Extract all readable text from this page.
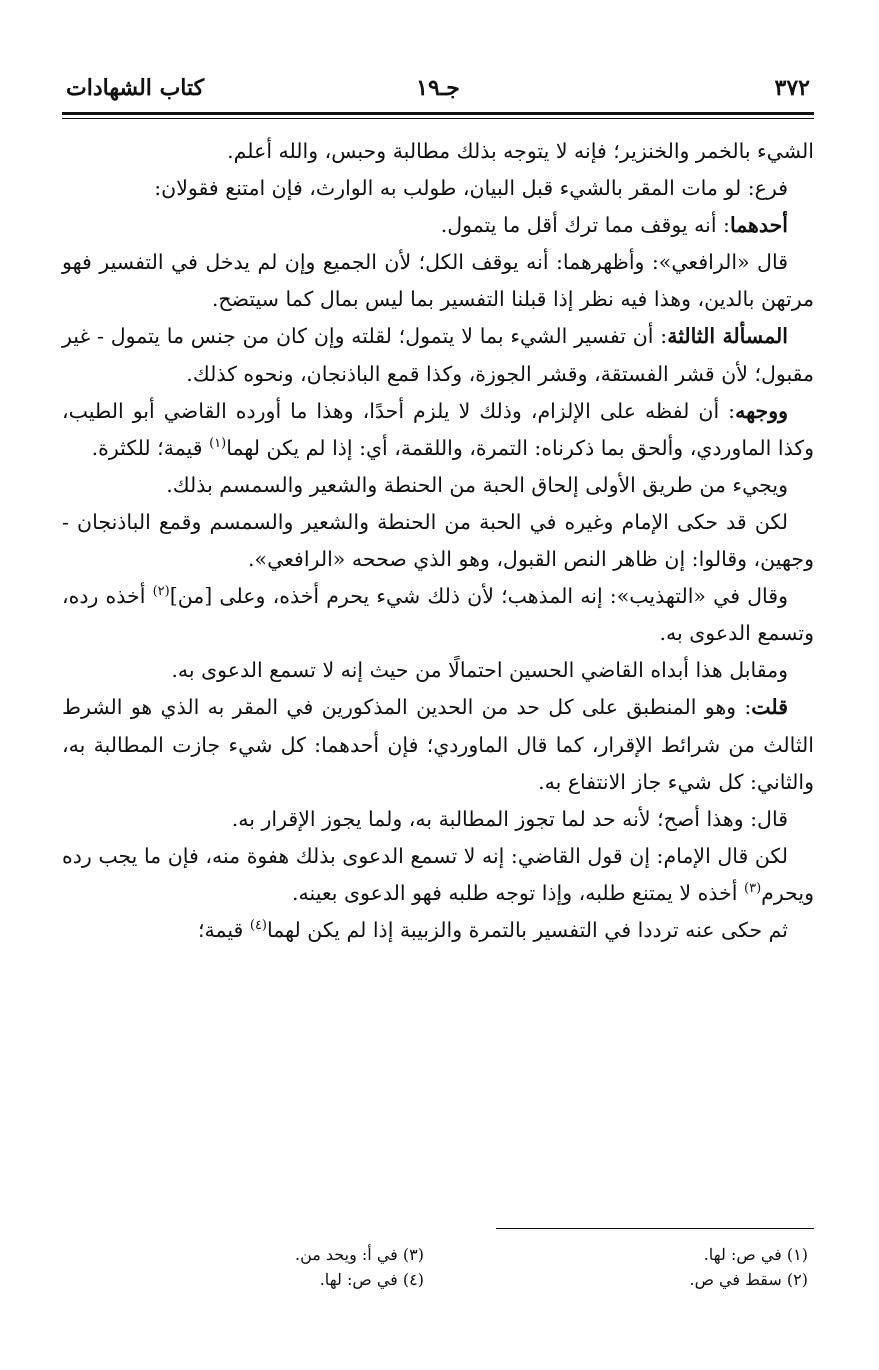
٣٧٢
جـ١٩
كتاب الشهادات

الشيء بالخمر والخنزير؛ فإنه لا يتوجه بذلك مطالبة وحبس، والله أعلم.

فرع: لو مات المقر بالشيء قبل البيان، طولب به الوارث، فإن امتنع فقولان:

أحدهما: أنه يوقف مما ترك أقل ما يتمول.

قال «الرافعي»: وأظهرهما: أنه يوقف الكل؛ لأن الجميع وإن لم يدخل في التفسير فهو مرتهن بالدين، وهذا فيه نظر إذا قبلنا التفسير بما ليس بمال كما سيتضح.

المسألة الثالثة: أن تفسير الشيء بما لا يتمول؛ لقلته وإن كان من جنس ما يتمول - غير مقبول؛ لأن قشر الفستقة، وقشر الجوزة، وكذا قمع الباذنجان، ونحوه كذلك.

ووجهه: أن لفظه على الإلزام، وذلك لا يلزم أحدًا، وهذا ما أورده القاضي أبو الطيب، وكذا الماوردي، وألحق بما ذكرناه: التمرة، واللقمة، أي: إذا لم يكن لهما$^{(١)}$ قيمة؛ للكثرة.

ويجيء من طريق الأولى إلحاق الحبة من الحنطة والشعير والسمسم بذلك.

لكن قد حكى الإمام وغيره في الحبة من الحنطة والشعير والسمسم وقمع الباذنجان - وجهين، وقالوا: إن ظاهر النص القبول، وهو الذي صححه «الرافعي».

وقال في «التهذيب»: إنه المذهب؛ لأن ذلك شيء يحرم أخذه، وعلى [من]$^{(٢)}$ أخذه رده، وتسمع الدعوى به.

ومقابل هذا أبداه القاضي الحسين احتمالًا من حيث إنه لا تسمع الدعوى به.

قلت: وهو المنطبق على كل حد من الحدين المذكورين في المقر به الذي هو الشرط الثالث من شرائط الإقرار، كما قال الماوردي؛ فإن أحدهما: كل شيء جازت المطالبة به، والثاني: كل شيء جاز الانتفاع به.

قال: وهذا أصح؛ لأنه حد لما تجوز المطالبة به، ولما يجوز الإقرار به.

لكن قال الإمام: إن قول القاضي: إنه لا تسمع الدعوى بذلك هفوة منه، فإن ما يجب رده ويحرم$^{(٣)}$ أخذه لا يمتنع طلبه، وإذا توجه طلبه فهو الدعوى بعينه.

ثم حكى عنه ترددا في التفسير بالتمرة والزبيبة إذا لم يكن لهما$^{(٤)}$ قيمة؛

(١) في ص: لها.
(٢) سقط في ص.
(٣) في أ: ويحد من.
(٤) في ص: لها.
